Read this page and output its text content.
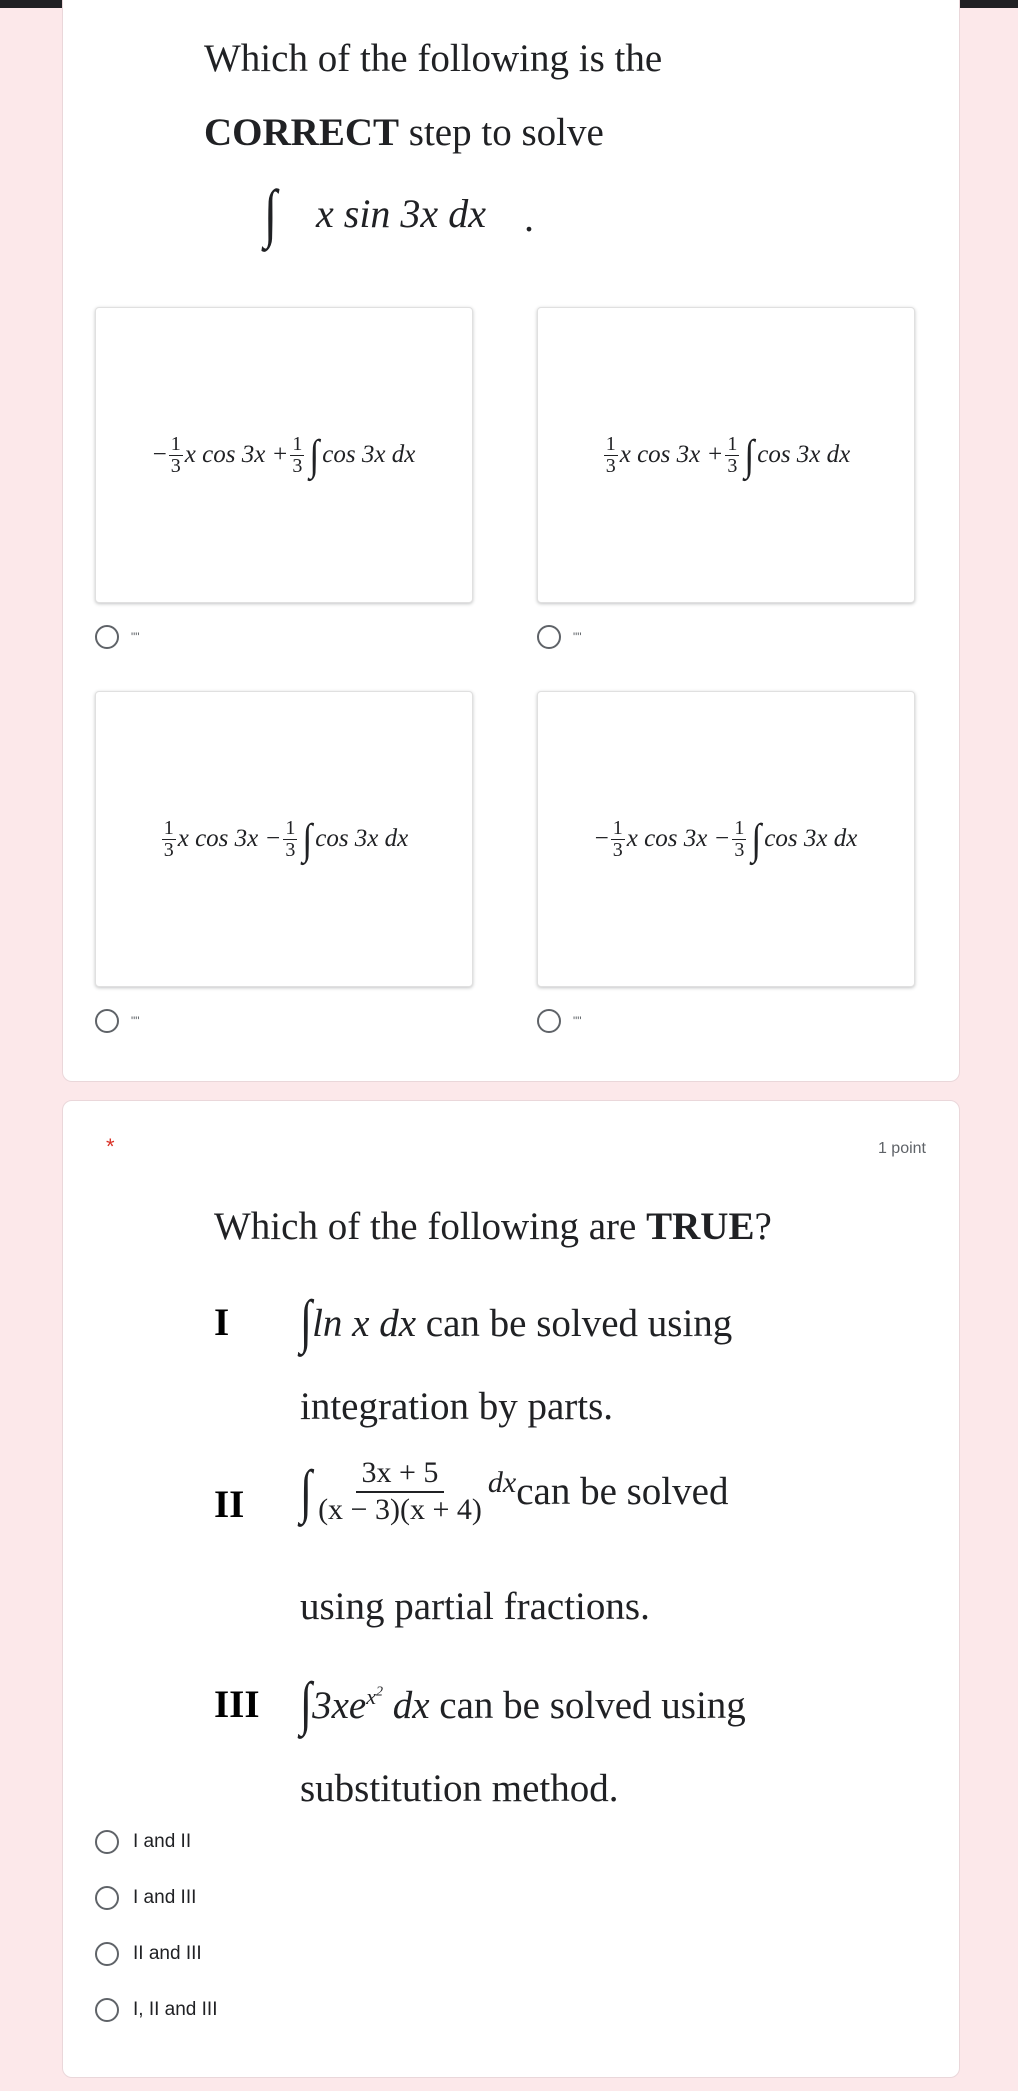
Which of the following is the
CORRECT step to solve
∫ x sin 3x dx .
− $\frac{1}{3}$ x $\cos 3x + \frac{1}{3}$ ∫ cos 3x dx	$\frac{1}{3}$ x $\cos 3x + \frac{1}{3}$ ∫ cos 3x dx
""	""
$\frac{1}{3}$ x $\cos 3x - \frac{1}{3}$ ∫ cos 3x dx	− $\frac{1}{3}$ x $\cos 3x - \frac{1}{3}$ ∫ cos 3x dx
""	""
*	1 point
Which of the following are TRUE?
I ∫ln x dx can be solved using
integration by parts.
II ∫ $\frac{3x + 5}{(x - 3)(x + 4)}$ dx can be solved
using partial fractions.
III $\int 3xe^{x^2}$ dx can be solved using
substitution method.
I and II
I and III
II and III
I, II and III
